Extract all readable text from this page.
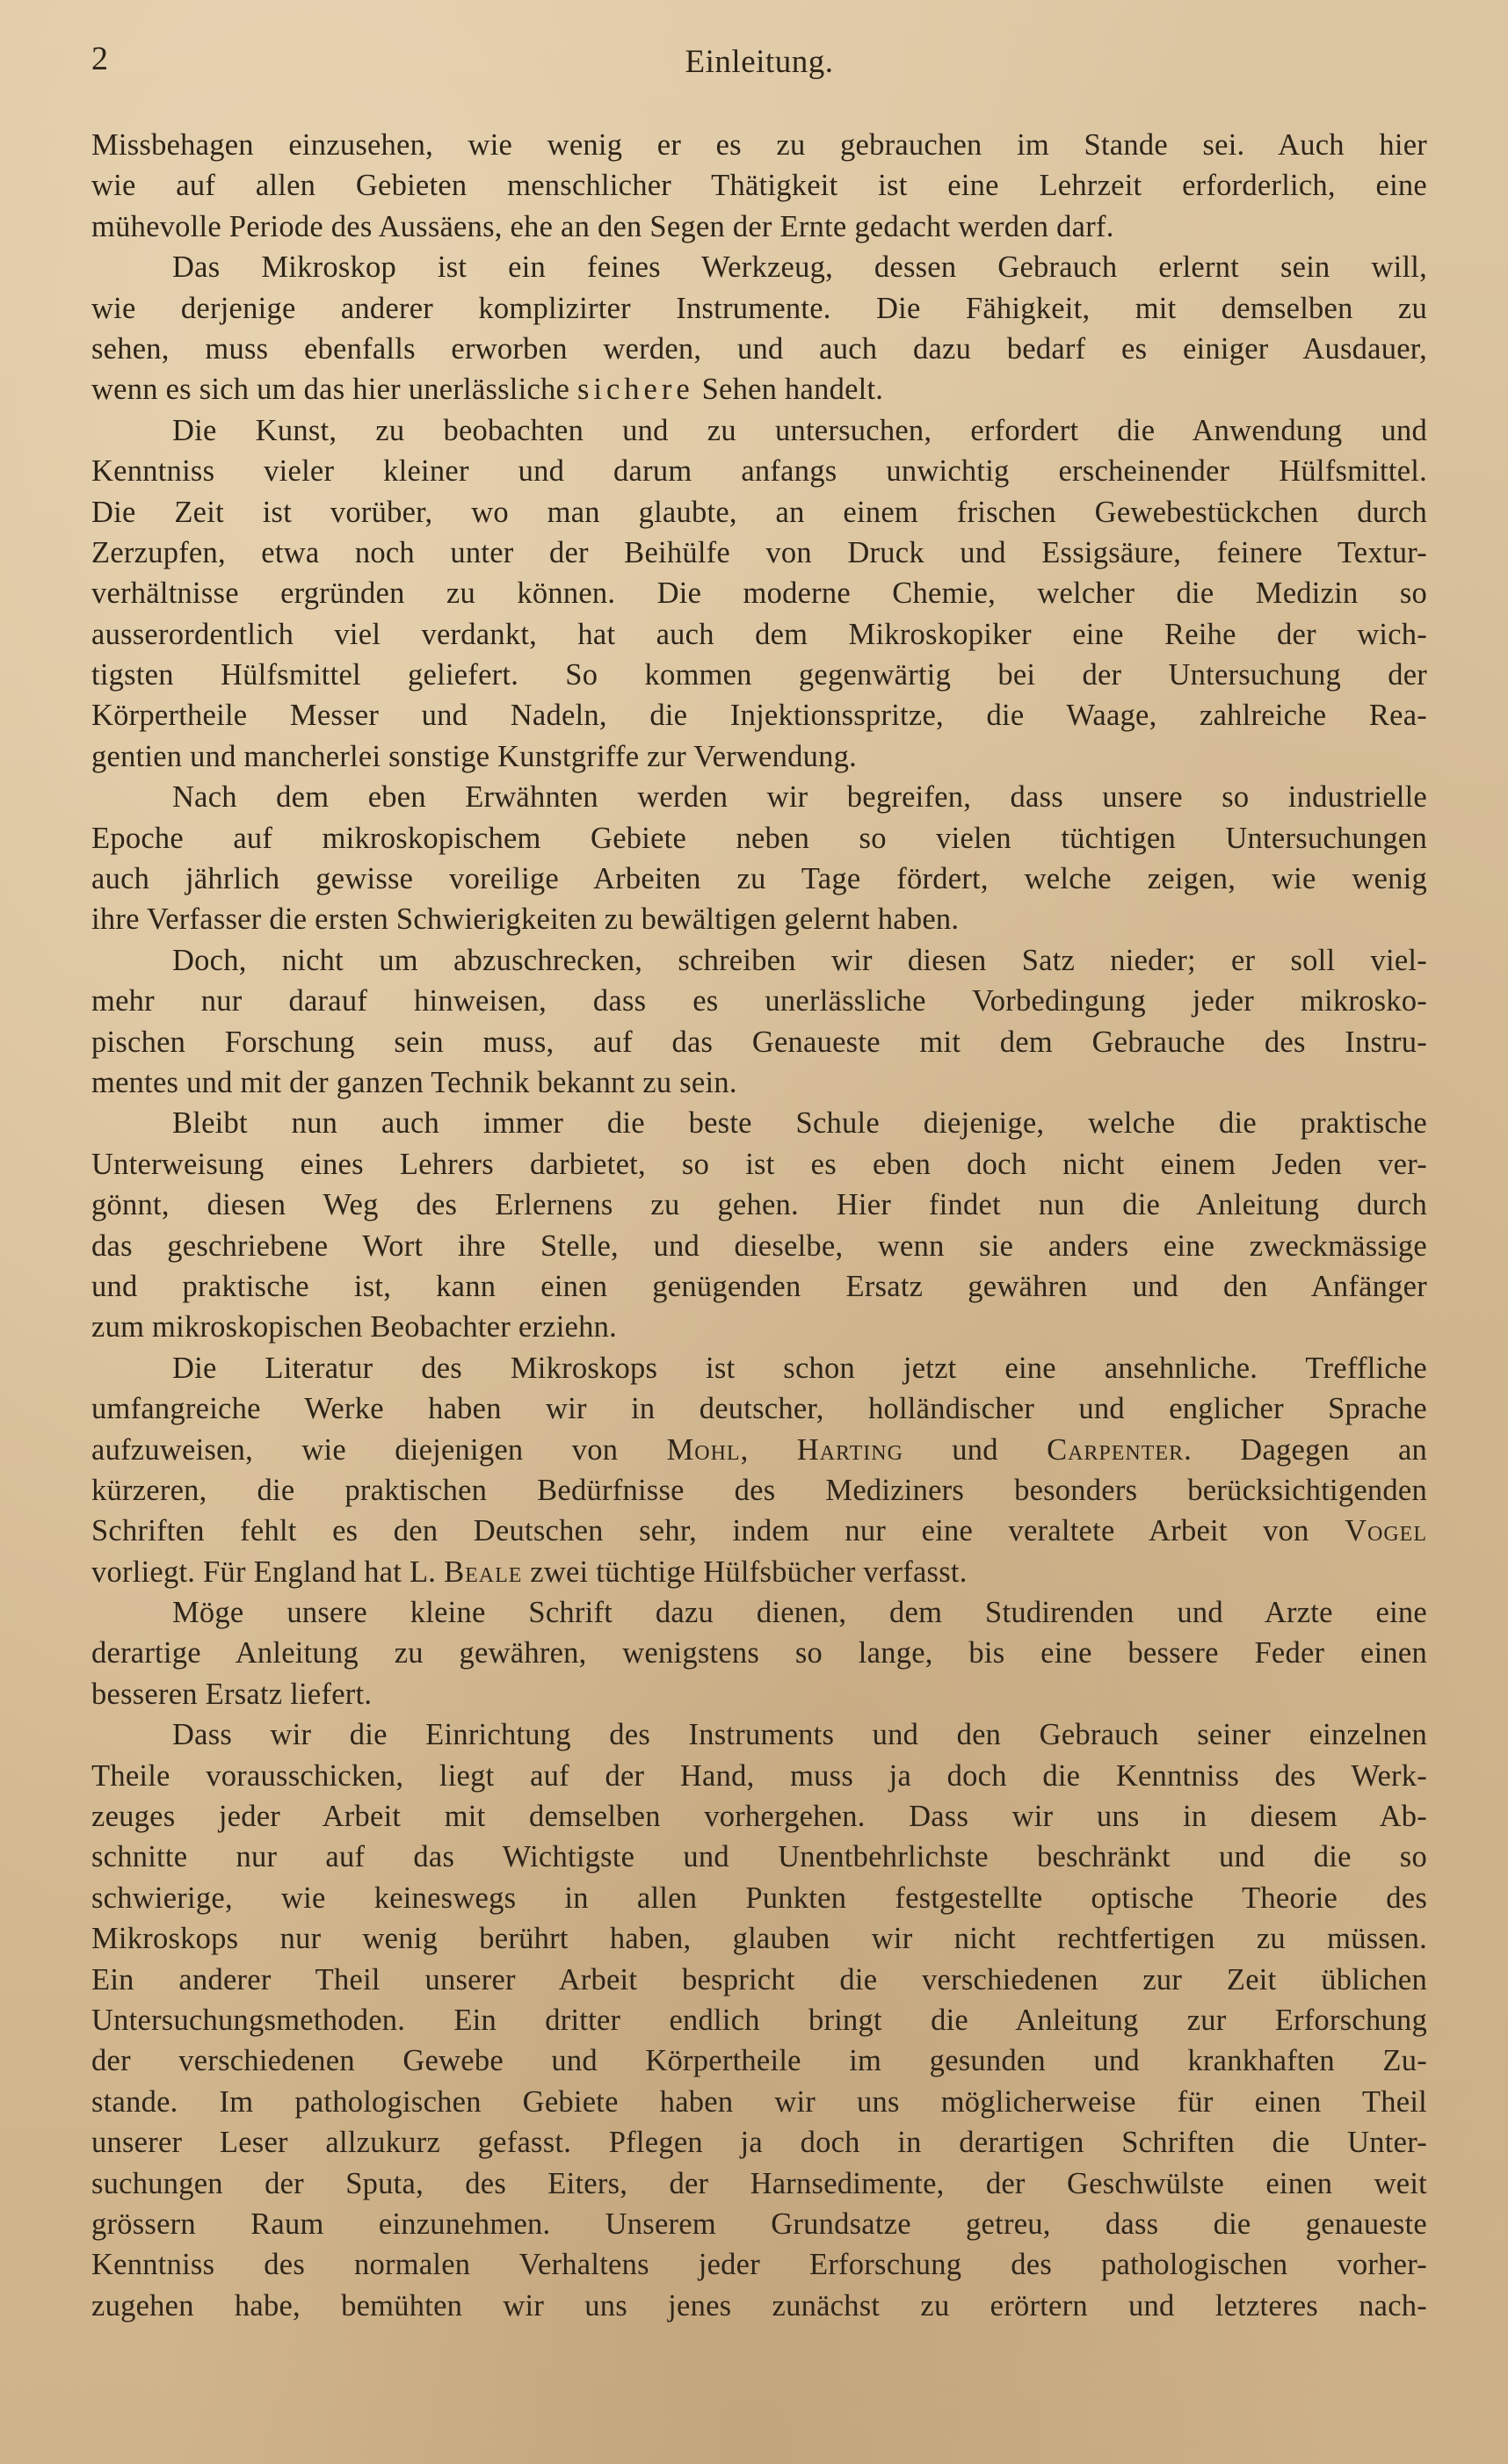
2	Einleitung.
Missbehagen einzusehen, wie wenig er es zu gebrauchen im Stande sei. Auch hier
wie auf allen Gebieten menschlicher Thätigkeit ist eine Lehrzeit erforderlich, eine
mühevolle Periode des Aussäens, ehe an den Segen der Ernte gedacht werden darf.
Das Mikroskop ist ein feines Werkzeug, dessen Gebrauch erlernt sein will,
wie derjenige anderer komplizirter Instrumente. Die Fähigkeit, mit demselben zu
sehen, muss ebenfalls erworben werden, und auch dazu bedarf es einiger Ausdauer,
wenn es sich um das hier unerlässliche sichere Sehen handelt.
Die Kunst, zu beobachten und zu untersuchen, erfordert die Anwendung und
Kenntniss vieler kleiner und darum anfangs unwichtig erscheinender Hülfsmittel.
Die Zeit ist vorüber, wo man glaubte, an einem frischen Gewebestückchen durch
Zerzupfen, etwa noch unter der Beihülfe von Druck und Essigsäure, feinere Textur-
verhältnisse ergründen zu können. Die moderne Chemie, welcher die Medizin so
ausserordentlich viel verdankt, hat auch dem Mikroskopiker eine Reihe der wich-
tigsten Hülfsmittel geliefert. So kommen gegenwärtig bei der Untersuchung der
Körpertheile Messer und Nadeln, die Injektionsspritze, die Waage, zahlreiche Rea-
gentien und mancherlei sonstige Kunstgriffe zur Verwendung.
Nach dem eben Erwähnten werden wir begreifen, dass unsere so industrielle
Epoche auf mikroskopischem Gebiete neben so vielen tüchtigen Untersuchungen
auch jährlich gewisse voreilige Arbeiten zu Tage fördert, welche zeigen, wie wenig
ihre Verfasser die ersten Schwierigkeiten zu bewältigen gelernt haben.
Doch, nicht um abzuschrecken, schreiben wir diesen Satz nieder; er soll viel-
mehr nur darauf hinweisen, dass es unerlässliche Vorbedingung jeder mikrosko-
pischen Forschung sein muss, auf das Genaueste mit dem Gebrauche des Instru-
mentes und mit der ganzen Technik bekannt zu sein.
Bleibt nun auch immer die beste Schule diejenige, welche die praktische
Unterweisung eines Lehrers darbietet, so ist es eben doch nicht einem Jeden ver-
gönnt, diesen Weg des Erlernens zu gehen. Hier findet nun die Anleitung durch
das geschriebene Wort ihre Stelle, und dieselbe, wenn sie anders eine zweckmässige
und praktische ist, kann einen genügenden Ersatz gewähren und den Anfänger
zum mikroskopischen Beobachter erziehn.
Die Literatur des Mikroskops ist schon jetzt eine ansehnliche. Treffliche
umfangreiche Werke haben wir in deutscher, holländischer und englicher Sprache
aufzuweisen, wie diejenigen von Mohl, Harting und Carpenter. Dagegen an
kürzeren, die praktischen Bedürfnisse des Mediziners besonders berücksichtigenden
Schriften fehlt es den Deutschen sehr, indem nur eine veraltete Arbeit von Vogel
vorliegt. Für England hat L. Beale zwei tüchtige Hülfsbücher verfasst.
Möge unsere kleine Schrift dazu dienen, dem Studirenden und Arzte eine
derartige Anleitung zu gewähren, wenigstens so lange, bis eine bessere Feder einen
besseren Ersatz liefert.
Dass wir die Einrichtung des Instruments und den Gebrauch seiner einzelnen
Theile vorausschicken, liegt auf der Hand, muss ja doch die Kenntniss des Werk-
zeuges jeder Arbeit mit demselben vorhergehen. Dass wir uns in diesem Ab-
schnitte nur auf das Wichtigste und Unentbehrlichste beschränkt und die so
schwierige, wie keineswegs in allen Punkten festgestellte optische Theorie des
Mikroskops nur wenig berührt haben, glauben wir nicht rechtfertigen zu müssen.
Ein anderer Theil unserer Arbeit bespricht die verschiedenen zur Zeit üblichen
Untersuchungsmethoden. Ein dritter endlich bringt die Anleitung zur Erforschung
der verschiedenen Gewebe und Körpertheile im gesunden und krankhaften Zu-
stande. Im pathologischen Gebiete haben wir uns möglicherweise für einen Theil
unserer Leser allzukurz gefasst. Pflegen ja doch in derartigen Schriften die Unter-
suchungen der Sputa, des Eiters, der Harnsedimente, der Geschwülste einen weit
grössern Raum einzunehmen. Unserem Grundsatze getreu, dass die genaueste
Kenntniss des normalen Verhaltens jeder Erforschung des pathologischen vorher-
zugehen habe, bemühten wir uns jenes zunächst zu erörtern und letzteres nach-
